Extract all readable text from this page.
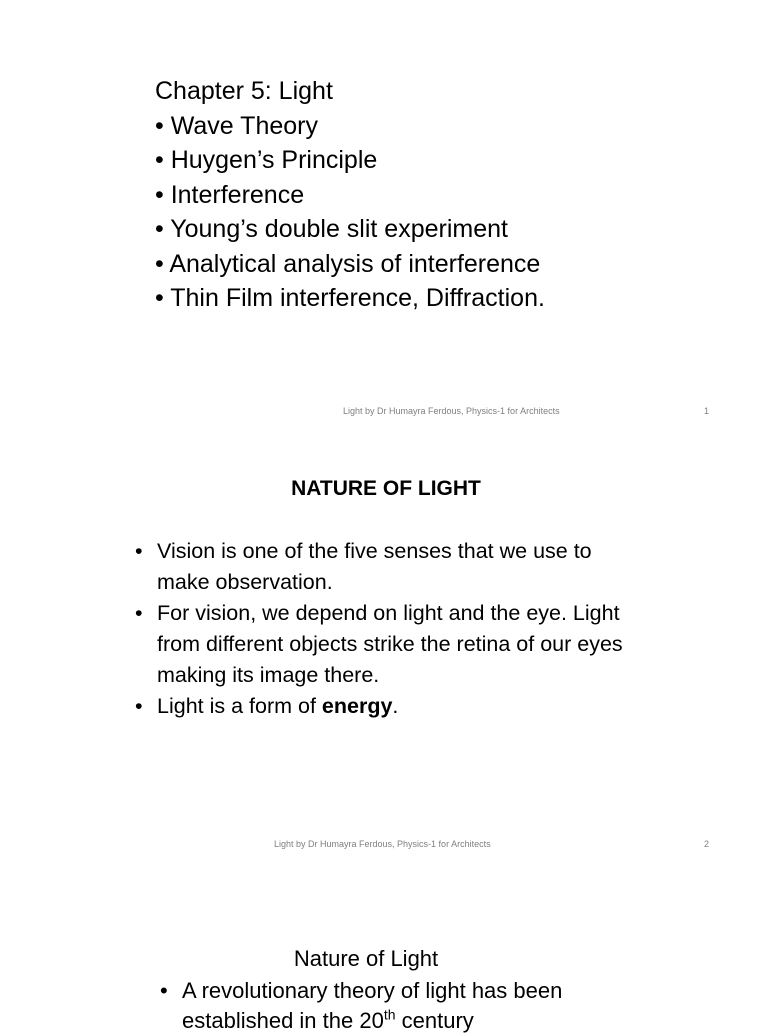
Chapter 5: Light
• Wave Theory
• Huygen’s Principle
• Interference
• Young’s double slit experiment
• Analytical analysis of interference
• Thin Film interference, Diffraction.
Light by Dr Humayra Ferdous, Physics-1 for Architects	1
NATURE OF LIGHT
• Vision is one of the five senses that we use to make observation.
• For vision, we depend on light and the eye. Light from different objects strike the retina of our eyes making its image there.
• Light is a form of energy.
Light by Dr Humayra Ferdous, Physics-1 for Architects	2
Nature of Light
• A revolutionary theory of light has been established in the 20th century
